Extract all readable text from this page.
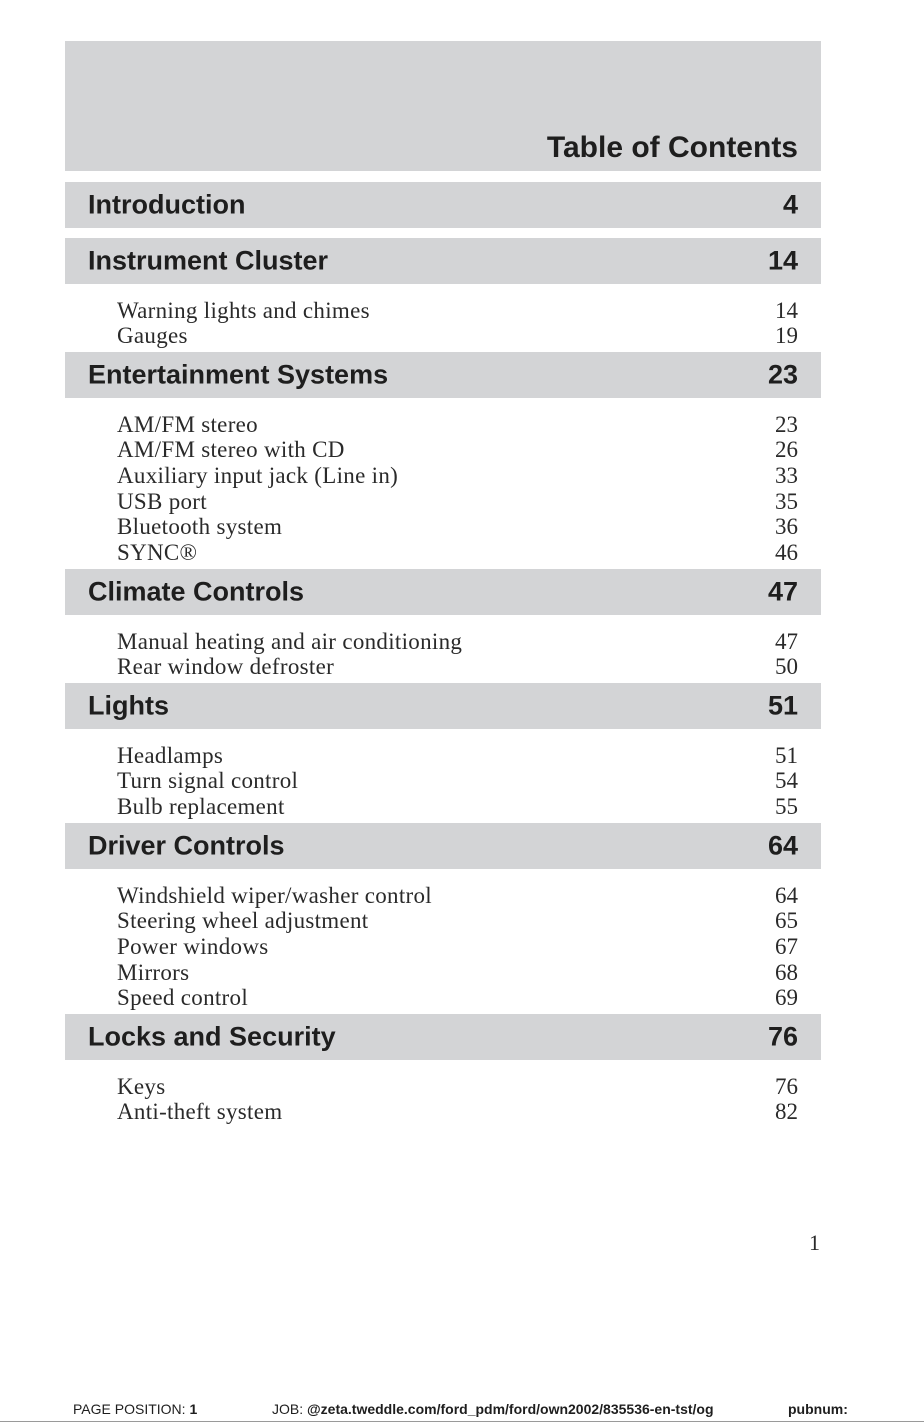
Table of Contents
Introduction	4
Instrument Cluster	14
Warning lights and chimes	14
Gauges	19
Entertainment Systems	23
AM/FM stereo	23
AM/FM stereo with CD	26
Auxiliary input jack (Line in)	33
USB port	35
Bluetooth system	36
SYNC®	46
Climate Controls	47
Manual heating and air conditioning	47
Rear window defroster	50
Lights	51
Headlamps	51
Turn signal control	54
Bulb replacement	55
Driver Controls	64
Windshield wiper/washer control	64
Steering wheel adjustment	65
Power windows	67
Mirrors	68
Speed control	69
Locks and Security	76
Keys	76
Anti-theft system	82
1
PAGE POSITION: 1	JOB: @zeta.tweddle.com/ford_pdm/ford/own2002/835536-en-tst/og	pubnum:
